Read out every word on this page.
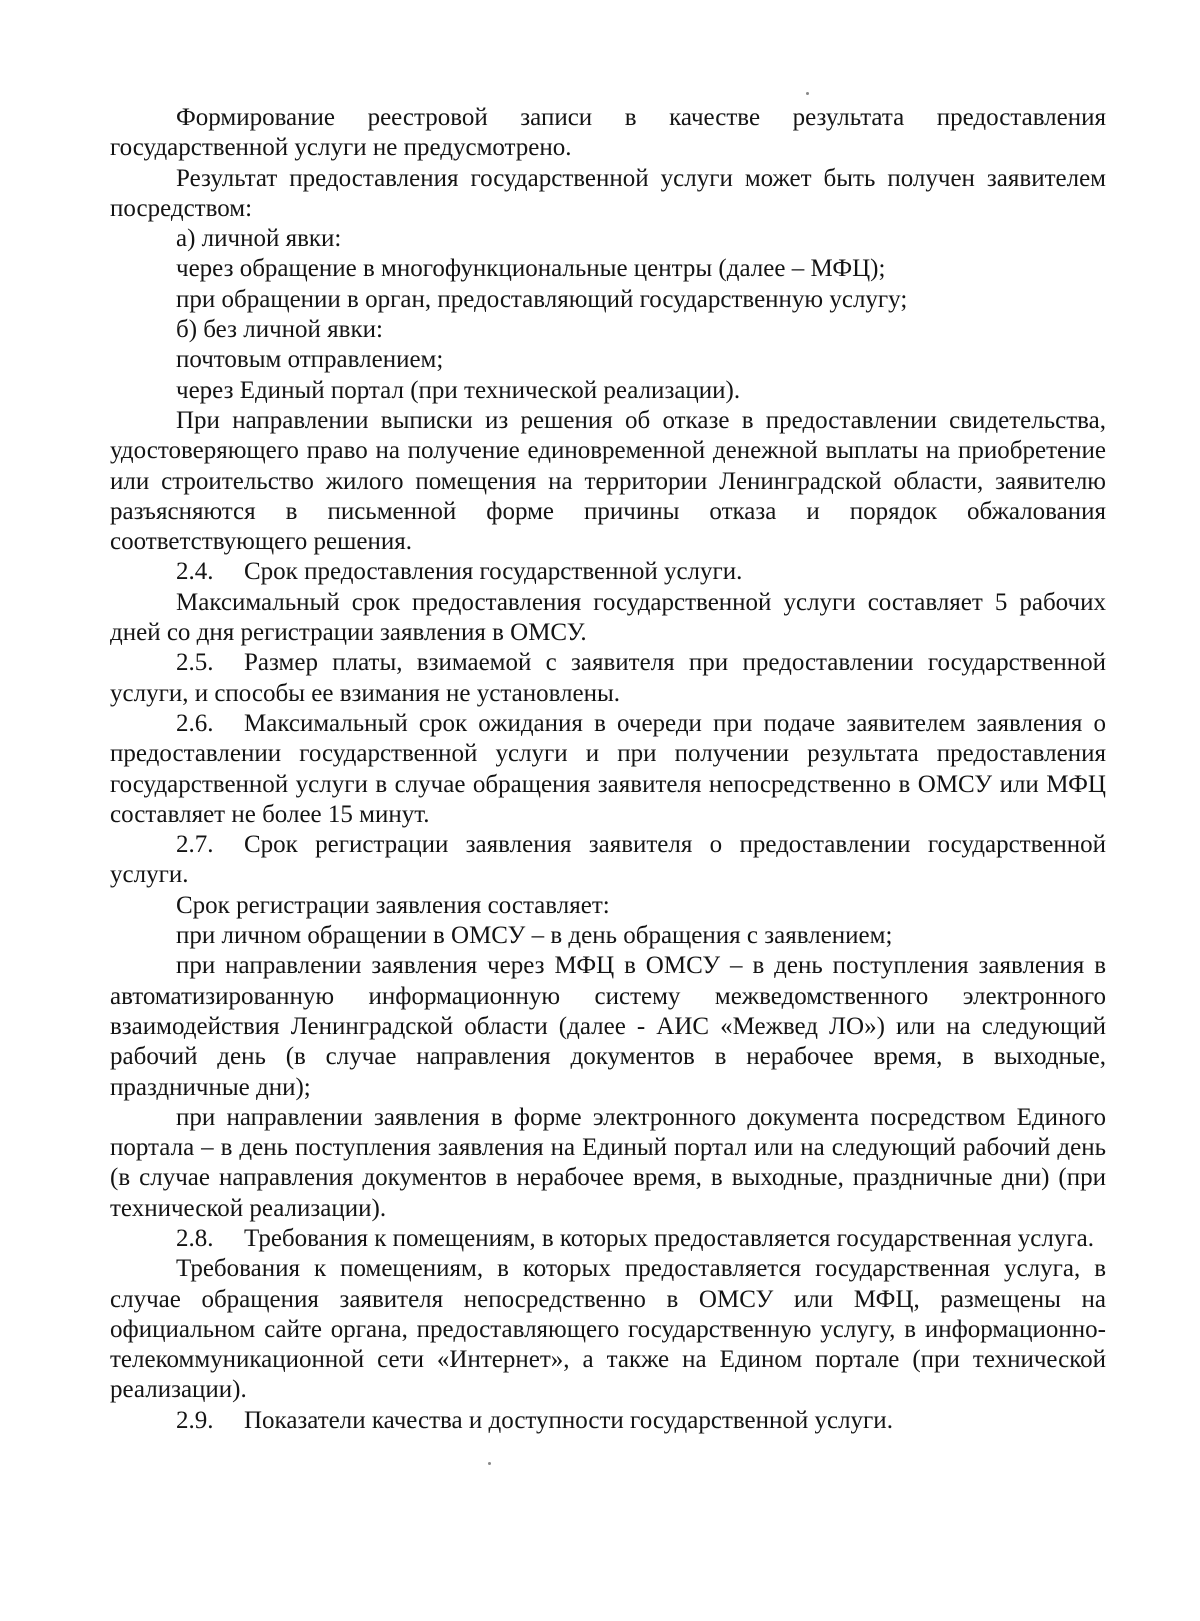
Формирование реестровой записи в качестве результата предоставления государственной услуги не предусмотрено.

Результат предоставления государственной услуги может быть получен заявителем посредством:

а) личной явки:

через обращение в многофункциональные центры (далее – МФЦ);

при обращении в орган, предоставляющий государственную услугу;

б) без личной явки:

почтовым отправлением;

через Единый портал (при технической реализации).

При направлении выписки из решения об отказе в предоставлении свидетельства, удостоверяющего право на получение единовременной денежной выплаты на приобретение или строительство жилого помещения на территории Ленинградской области, заявителю разъясняются в письменной форме причины отказа и порядок обжалования соответствующего решения.

2.4. Срок предоставления государственной услуги.

Максимальный срок предоставления государственной услуги составляет 5 рабочих дней со дня регистрации заявления в ОМСУ.

2.5. Размер платы, взимаемой с заявителя при предоставлении государственной услуги, и способы ее взимания не установлены.

2.6. Максимальный срок ожидания в очереди при подаче заявителем заявления о предоставлении государственной услуги и при получении результата предоставления государственной услуги в случае обращения заявителя непосредственно в ОМСУ или МФЦ составляет не более 15 минут.

2.7. Срок регистрации заявления заявителя о предоставлении государственной услуги.

Срок регистрации заявления составляет:

при личном обращении в ОМСУ – в день обращения с заявлением;

при направлении заявления через МФЦ в ОМСУ – в день поступления заявления в автоматизированную информационную систему межведомственного электронного взаимодействия Ленинградской области (далее - АИС «Межвед ЛО») или на следующий рабочий день (в случае направления документов в нерабочее время, в выходные, праздничные дни);

при направлении заявления в форме электронного документа посредством Единого портала – в день поступления заявления на Единый портал или на следующий рабочий день (в случае направления документов в нерабочее время, в выходные, праздничные дни) (при технической реализации).

2.8. Требования к помещениям, в которых предоставляется государственная услуга.

Требования к помещениям, в которых предоставляется государственная услуга, в случае обращения заявителя непосредственно в ОМСУ или МФЦ, размещены на официальном сайте органа, предоставляющего государственную услугу, в информационно-телекоммуникационной сети «Интернет», а также на Едином портале (при технической реализации).

2.9. Показатели качества и доступности государственной услуги.
